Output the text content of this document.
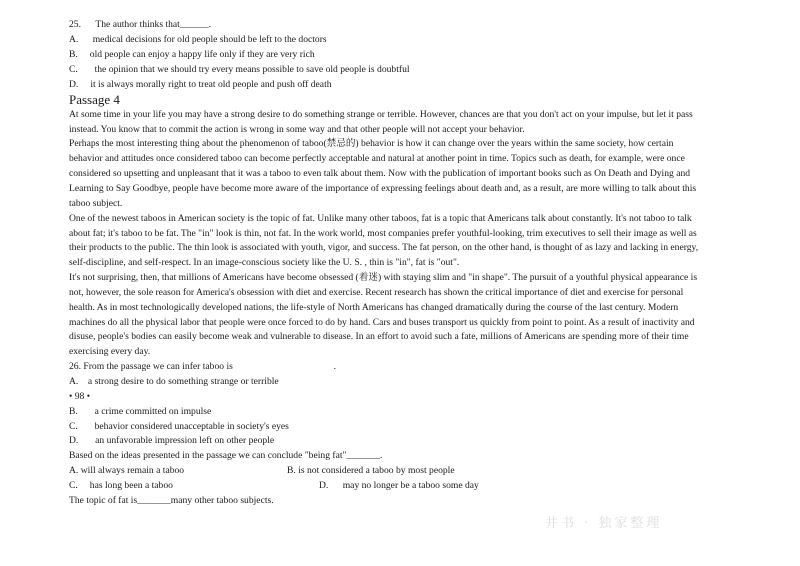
25.      The author thinks that______.

A.      medical decisions for old people should be left to the doctors

B.     old people can enjoy a happy life only if they are very rich

C.       the opinion that we should try every means possible to save old people is doubtful

D.     it is always morally right to treat old people and push off death

Passage 4

At some time in your life you may have a strong desire to do something strange or terrible. However, chances are that you don't act on your impulse, but let it pass

instead. You know that to commit the action is wrong in some way and that other people will not accept your behavior.

Perhaps the most interesting thing about the phenomenon of taboo(禁忌的) behavior is how it can change over the years within the same society, how certain

behavior and attitudes once considered taboo can become perfectly acceptable and natural at another point in time. Topics such as death, for example, were once

considered so upsetting and unpleasant that it was a taboo to even talk about them. Now with the publication of important books such as On Death and Dying and

Learning to Say Goodbye, people have become more aware of the importance of expressing feelings about death and, as a result, are more willing to talk about this

taboo subject.

One of the newest taboos in American society is the topic of fat. Unlike many other taboos, fat is a topic that Americans talk about constantly. It's not taboo to talk

about fat; it's taboo to be fat. The "in" look is thin, not fat. In the work world, most companies prefer youthful-looking, trim executives to sell their image as well as

their products to the public. The thin look is associated with youth, vigor, and success. The fat person, on the other hand, is thought of as lazy and lacking in energy,

self-discipline, and self-respect. In an image-conscious society like the U. S. , thin is "in", fat is "out".

It's not surprising, then, that millions of Americans have become obsessed (着迷) with staying slim and "in shape". The pursuit of a youthful physical appearance is

not, however, the sole reason for America's obsession with diet and exercise. Recent research has shown the critical importance of diet and exercise for personal

health. As in most technologically developed nations, the life-style of North Americans has changed dramatically during the course of the last century. Modern

machines do all the physical labor that people were once forced to do by hand. Cars and buses transport us quickly from point to point. As a result of inactivity and

disuse, people's bodies can easily become weak and vulnerable to disease. In an effort to avoid such a fate, millions of Americans are spending more of their time

exercising every day.

26. From the passage we can infer taboo is                                          .

A.    a strong desire to do something strange or terrible

• 98 •

B.       a crime committed on impulse

C.       behavior considered unacceptable in society's eyes

D.       an unfavorable impression left on other people

Based on the ideas presented in the passage we can conclude "being fat"_______.

A. will always remain a taboo	B. is not considered a taboo by most people

C.     has long been a taboo	D.      may no longer be a taboo some day

The topic of fat is_______many other taboo subjects.

井书 · 独家整理
